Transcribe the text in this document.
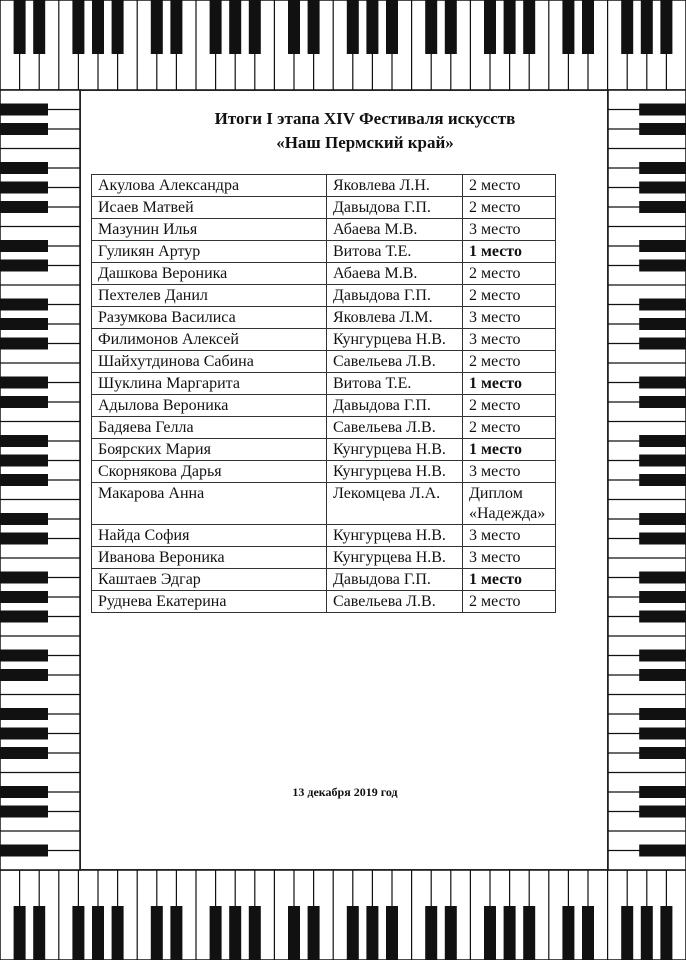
Итоги I этапа XIV Фестиваля искусств
«Наш Пермский край»
Акулова Александра	Яковлева Л.Н.	2 место
Исаев Матвей	Давыдова Г.П.	2 место
Мазунин Илья	Абаева М.В.	3 место
Гуликян Артур	Витова Т.Е.	1 место
Дашкова Вероника	Абаева М.В.	2 место
Пехтелев Данил	Давыдова Г.П.	2 место
Разумкова Василиса	Яковлева Л.М.	3 место
Филимонов Алексей	Кунгурцева Н.В.	3 место
Шайхутдинова Сабина	Савельева Л.В.	2 место
Шуклина Маргарита	Витова Т.Е.	1 место
Адылова Вероника	Давыдова Г.П.	2 место
Бадяева Гелла	Савельева Л.В.	2 место
Боярских Мария	Кунгурцева Н.В.	1 место
Скорнякова Дарья	Кунгурцева Н.В.	3 место
Макарова Анна	Лекомцева Л.А.	Диплом «Надежда»
Найда София	Кунгурцева Н.В.	3 место
Иванова Вероника	Кунгурцева Н.В.	3 место
Каштаев Эдгар	Давыдова Г.П.	1 место
Руднева Екатерина	Савельева Л.В.	2 место
13 декабря 2019 год
